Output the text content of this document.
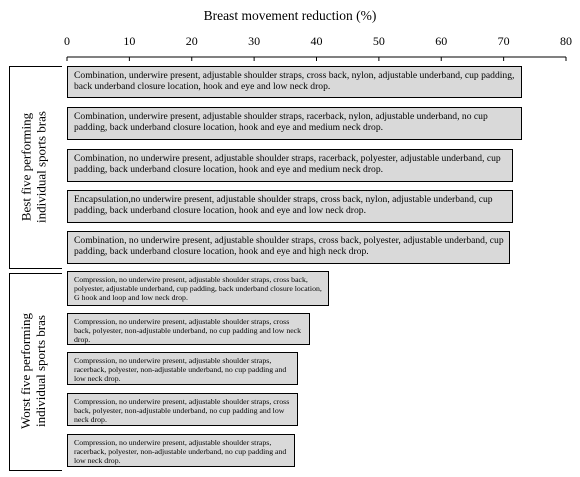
Breast movement reduction (%)
0	10	20	30	40	50	60	70	80
Best five performing individual sports bras
Worst five performing individual sports bras
Combination, underwire present, adjustable shoulder straps, cross back, nylon, adjustable underband, cup padding, back underband closure location, hook and eye and low neck drop.
Combination, underwire present, adjustable shoulder straps, racerback, nylon, adjustable underband, no cup padding, back underband closure location, hook and eye and medium neck drop.
Combination, no underwire present, adjustable shoulder straps, racerback, polyester, adjustable underband, cup padding, back underband closure location, hook and eye and medium neck drop.
Encapsulation,no underwire present, adjustable shoulder straps, cross back, nylon, adjustable underband, cup padding, back underband closure location, hook and eye and low neck drop.
Combination, no underwire present, adjustable shoulder straps, cross back, polyester, adjustable underband, cup padding, back underband closure location, hook and eye and high neck drop.
Compression, no underwire present, adjustable shoulder straps, cross back, polyester, adjustable underband, cup padding, back underband closure location, G hook and loop and low neck drop.
Compression, no underwire present, adjustable shoulder straps, cross back, polyester, non-adjustable underband, no cup padding and low neck drop.
Compression, no underwire present, adjustable shoulder straps, racerback, polyester, non-adjustable underband, no cup padding and low neck drop.
Compression, no underwire present, adjustable shoulder straps, cross back, polyester, non-adjustable underband, no cup padding and low neck drop.
Compression, no underwire present, adjustable shoulder straps, racerback, polyester, non-adjustable underband, no cup padding and low neck drop.
